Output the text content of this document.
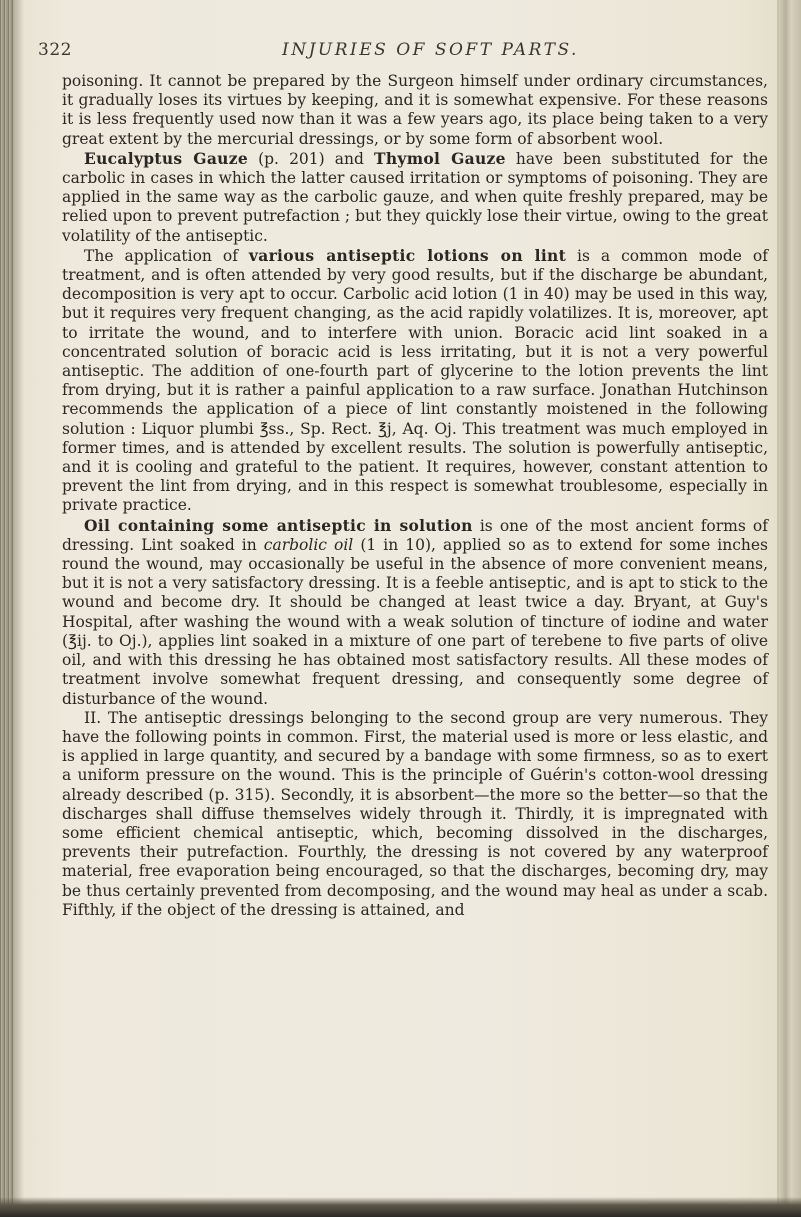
322	INJURIES OF SOFT PARTS.

poisoning. It cannot be prepared by the Surgeon himself under ordinary circumstances, it gradually loses its virtues by keeping, and it is somewhat expensive. For these reasons it is less frequently used now than it was a few years ago, its place being taken to a very great extent by the mercurial dressings, or by some form of absorbent wool.

Eucalyptus Gauze (p. 201) and Thymol Gauze have been substituted for the carbolic in cases in which the latter caused irritation or symptoms of poisoning. They are applied in the same way as the carbolic gauze, and when quite freshly prepared, may be relied upon to prevent putrefaction ; but they quickly lose their virtue, owing to the great volatility of the antiseptic.

The application of various antiseptic lotions on lint is a common mode of treatment, and is often attended by very good results, but if the discharge be abundant, decomposition is very apt to occur. Carbolic acid lotion (1 in 40) may be used in this way, but it requires very frequent changing, as the acid rapidly volatilizes. It is, moreover, apt to irritate the wound, and to interfere with union. Boracic acid lint soaked in a concentrated solution of boracic acid is less irritating, but it is not a very powerful antiseptic. The addition of one-fourth part of glycerine to the lotion prevents the lint from drying, but it is rather a painful application to a raw surface. Jonathan Hutchinson recommends the application of a piece of lint constantly moistened in the following solution : Liquor plumbi ℥ss., Sp. Rect. ℥j, Aq. Oj. This treatment was much employed in former times, and is attended by excellent results. The solution is powerfully antiseptic, and it is cooling and grateful to the patient. It requires, however, constant attention to prevent the lint from drying, and in this respect is somewhat troublesome, especially in private practice.

Oil containing some antiseptic in solution is one of the most ancient forms of dressing. Lint soaked in carbolic oil (1 in 10), applied so as to extend for some inches round the wound, may occasionally be useful in the absence of more convenient means, but it is not a very satisfactory dressing. It is a feeble antiseptic, and is apt to stick to the wound and become dry. It should be changed at least twice a day. Bryant, at Guy's Hospital, after washing the wound with a weak solution of tincture of iodine and water (℥ij. to Oj.), applies lint soaked in a mixture of one part of terebene to five parts of olive oil, and with this dressing he has obtained most satisfactory results. All these modes of treatment involve somewhat frequent dressing, and consequently some degree of disturbance of the wound.

II. The antiseptic dressings belonging to the second group are very numerous. They have the following points in common. First, the material used is more or less elastic, and is applied in large quantity, and secured by a bandage with some firmness, so as to exert a uniform pressure on the wound. This is the principle of Guérin's cotton-wool dressing already described (p. 315). Secondly, it is absorbent—the more so the better—so that the discharges shall diffuse themselves widely through it. Thirdly, it is impregnated with some efficient chemical antiseptic, which, becoming dissolved in the discharges, prevents their putrefaction. Fourthly, the dressing is not covered by any waterproof material, free evaporation being encouraged, so that the discharges, becoming dry, may be thus certainly prevented from decomposing, and the wound may heal as under a scab. Fifthly, if the object of the dressing is attained, and
